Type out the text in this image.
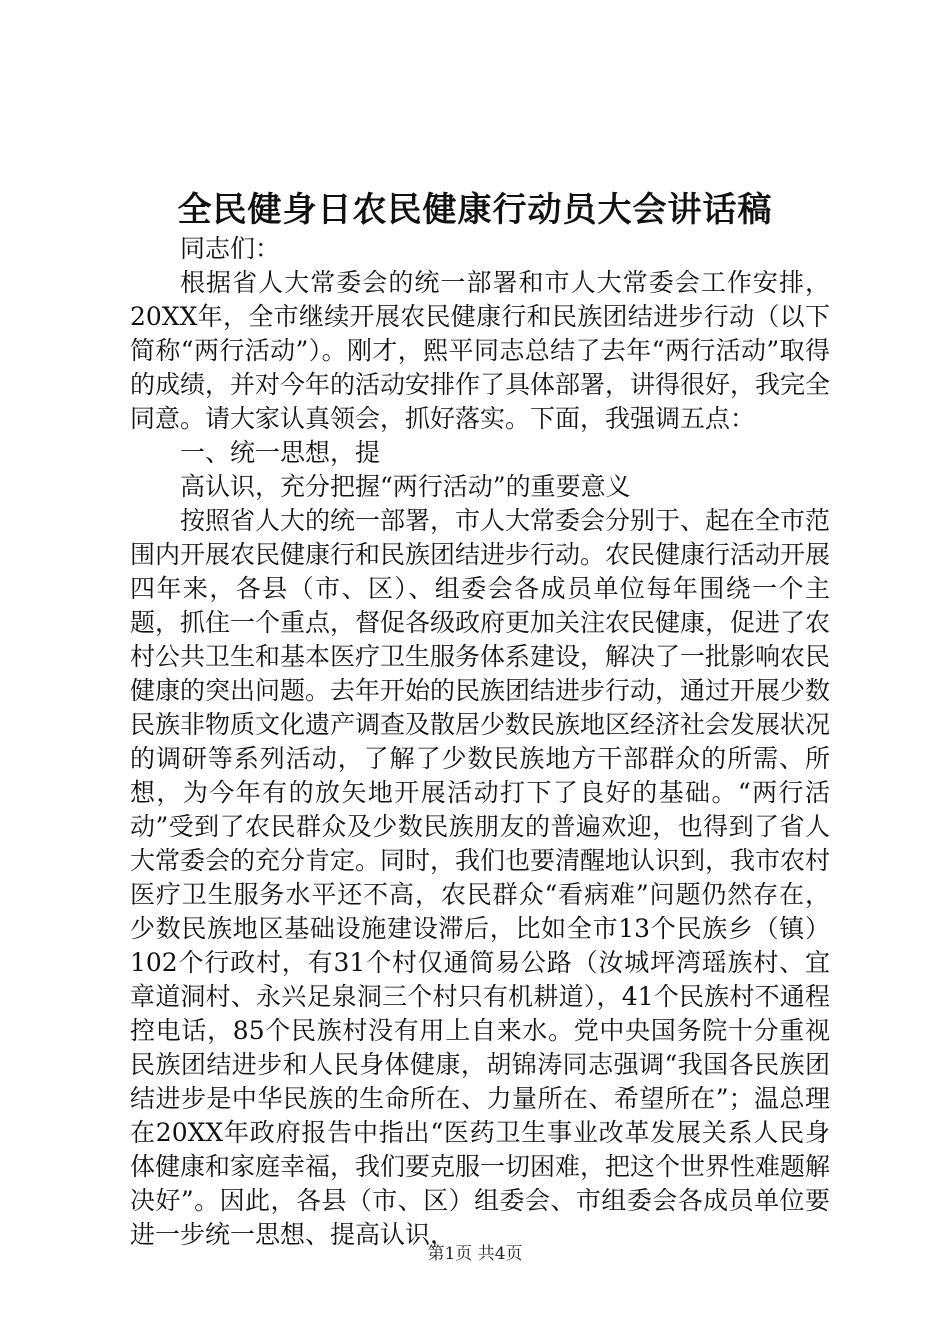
全民健身日农民健康行动员大会讲话稿

同志们：

根据省人大常委会的统一部署和市人大常委会工作安排，20XX年，全市继续开展农民健康行和民族团结进步行动（以下简称“两行活动”）。刚才，熙平同志总结了去年“两行活动”取得的成绩，并对今年的活动安排作了具体部署，讲得很好，我完全同意。请大家认真领会，抓好落实。下面，我强调五点：

一、统一思想，提

高认识，充分把握“两行活动”的重要意义

按照省人大的统一部署，市人大常委会分别于、起在全市范围内开展农民健康行和民族团结进步行动。农民健康行活动开展四年来，各县（市、区）、组委会各成员单位每年围绕一个主题，抓住一个重点，督促各级政府更加关注农民健康，促进了农村公共卫生和基本医疗卫生服务体系建设，解决了一批影响农民健康的突出问题。去年开始的民族团结进步行动，通过开展少数民族非物质文化遗产调查及散居少数民族地区经济社会发展状况的调研等系列活动，了解了少数民族地方干部群众的所需、所想，为今年有的放矢地开展活动打下了良好的基础。“两行活动”受到了农民群众及少数民族朋友的普遍欢迎，也得到了省人大常委会的充分肯定。同时，我们也要清醒地认识到，我市农村医疗卫生服务水平还不高，农民群众“看病难”问题仍然存在，少数民族地区基础设施建设滞后，比如全市13个民族乡（镇）102个行政村，有31个村仅通简易公路（汝城坪湾瑶族村、宜章道洞村、永兴足泉洞三个村只有机耕道），41个民族村不通程控电话，85个民族村没有用上自来水。党中央国务院十分重视民族团结进步和人民身体健康，胡锦涛同志强调“我国各民族团结进步是中华民族的生命所在、力量所在、希望所在”；温总理在20XX年政府报告中指出“医药卫生事业改革发展关系人民身体健康和家庭幸福，我们要克服一切困难，把这个世界性难题解决好”。因此，各县（市、区）组委会、市组委会各成员单位要进一步统一思想、提高认识，

第1页 共4页
